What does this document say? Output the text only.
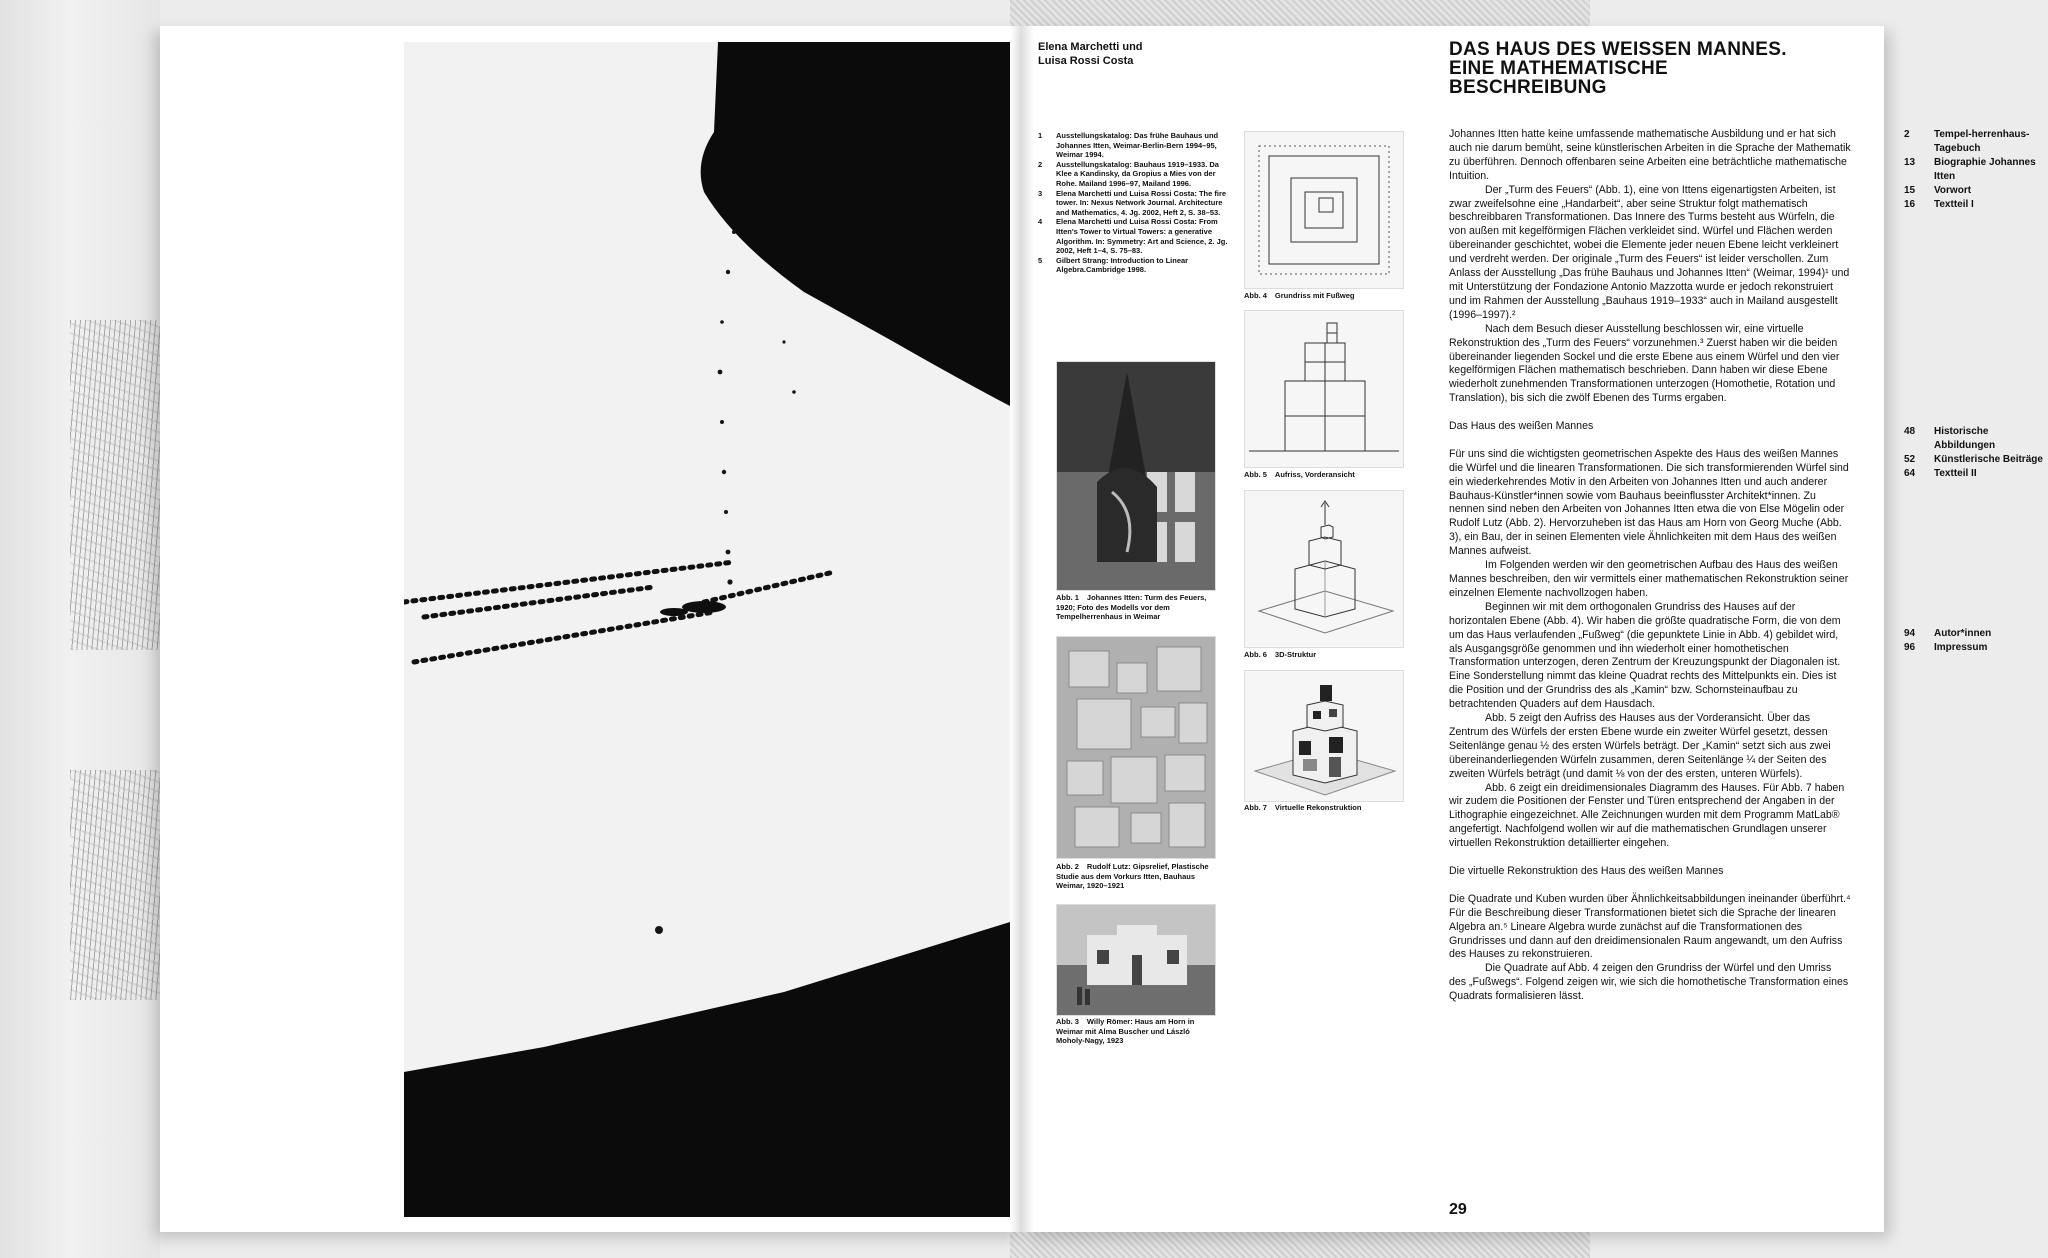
Elena Marchetti und
Luisa Rossi Costa
1	Ausstellungskatalog: Das frühe Bauhaus und Johannes Itten, Weimar-Berlin-Bern 1994–95, Weimar 1994.
2	Ausstellungskatalog: Bauhaus 1919–1933. Da Klee a Kandinsky, da Gropius a Mies von der Rohe. Mailand 1996–97, Mailand 1996.
3	Elena Marchetti und Luisa Rossi Costa: The fire tower. In: Nexus Network Journal. Architecture and Mathematics, 4. Jg. 2002, Heft 2, S. 38–53.
4	Elena Marchetti und Luisa Rossi Costa: From Itten's Tower to Virtual Towers: a generative Algorithm. In: Symmetry: Art and Science, 2. Jg. 2002, Heft 1–4, S. 75–83.
5	Gilbert Strang: Introduction to Linear Algebra.Cambridge 1998.
Abb. 1 Johannes Itten: Turm des Feuers, 1920; Foto des Modells vor dem Tempelherrenhaus in Weimar
Abb. 2 Rudolf Lutz: Gipsrelief, Plastische Studie aus dem Vorkurs Itten, Bauhaus Weimar, 1920–1921
Abb. 3 Willy Römer: Haus am Horn in Weimar mit Alma Buscher und László Moholy-Nagy, 1923
Abb. 4 Grundriss mit Fußweg
Abb. 5 Aufriss, Vorderansicht
Abb. 6 3D-Struktur
Abb. 7 Virtuelle Rekonstruktion
DAS HAUS DES WEISSEN MANNES.
EINE MATHEMATISCHE
BESCHREIBUNG

Johannes Itten hatte keine umfassende mathematische Ausbildung und er hat sich auch nie darum bemüht, seine künstlerischen Arbeiten in die Sprache der Mathematik zu überführen. Dennoch offenbaren seine Arbeiten eine beträchtliche mathematische Intuition.

Der „Turm des Feuers“ (Abb. 1), eine von Ittens eigenartigsten Arbeiten, ist zwar zweifelsohne eine „Handarbeit“, aber seine Struktur folgt mathematisch beschreibbaren Transformationen. Das Innere des Turms besteht aus Würfeln, die von außen mit kegelförmigen Flächen verkleidet sind. Würfel und Flächen werden übereinander geschichtet, wobei die Elemente jeder neuen Ebene leicht verkleinert und verdreht werden. Der originale „Turm des Feuers“ ist leider verschollen. Zum Anlass der Ausstellung „Das frühe Bauhaus und Johannes Itten“ (Weimar, 1994)¹ und mit Unterstützung der Fondazione Antonio Mazzotta wurde er jedoch rekonstruiert und im Rahmen der Ausstellung „Bauhaus 1919–1933“ auch in Mailand ausgestellt (1996–1997).²

Nach dem Besuch dieser Ausstellung beschlossen wir, eine virtuelle Rekonstruktion des „Turm des Feuers“ vorzunehmen.³ Zuerst haben wir die beiden übereinander liegenden Sockel und die erste Ebene aus einem Würfel und den vier kegelförmigen Flächen mathematisch beschrieben. Dann haben wir diese Ebene wiederholt zunehmenden Transformationen unterzogen (Homothetie, Rotation und Translation), bis sich die zwölf Ebenen des Turms ergaben.

Das Haus des weißen Mannes

Für uns sind die wichtigsten geometrischen Aspekte des Haus des weißen Mannes die Würfel und die linearen Transformationen. Die sich transformierenden Würfel sind ein wiederkehrendes Motiv in den Arbeiten von Johannes Itten und auch anderer Bauhaus-Künstler*innen sowie vom Bauhaus beeinflusster Architekt*innen. Zu nennen sind neben den Arbeiten von Johannes Itten etwa die von Else Mögelin oder Rudolf Lutz (Abb. 2). Hervorzuheben ist das Haus am Horn von Georg Muche (Abb. 3), ein Bau, der in seinen Elementen viele Ähnlichkeiten mit dem Haus des weißen Mannes aufweist.

Im Folgenden werden wir den geometrischen Aufbau des Haus des weißen Mannes beschreiben, den wir vermittels einer mathematischen Rekonstruktion seiner einzelnen Elemente nachvollzogen haben.

Beginnen wir mit dem orthogonalen Grundriss des Hauses auf der horizontalen Ebene (Abb. 4). Wir haben die größte quadratische Form, die von dem um das Haus verlaufenden „Fußweg“ (die gepunktete Linie in Abb. 4) gebildet wird, als Ausgangsgröße genommen und ihn wiederholt einer homothetischen Transformation unterzogen, deren Zentrum der Kreuzungspunkt der Diagonalen ist. Eine Sonderstellung nimmt das kleine Quadrat rechts des Mittelpunkts ein. Dies ist die Position und der Grundriss des als „Kamin“ bzw. Schornsteinaufbau zu betrachtenden Quaders auf dem Hausdach.

Abb. 5 zeigt den Aufriss des Hauses aus der Vorderansicht. Über das Zentrum des Würfels der ersten Ebene wurde ein zweiter Würfel gesetzt, dessen Seitenlänge genau ½ des ersten Würfels beträgt. Der „Kamin“ setzt sich aus zwei übereinanderliegenden Würfeln zusammen, deren Seitenlänge ¼ der Seiten des zweiten Würfels beträgt (und damit ⅛ von der des ersten, unteren Würfels).

Abb. 6 zeigt ein dreidimensionales Diagramm des Hauses. Für Abb. 7 haben wir zudem die Positionen der Fenster und Türen entsprechend der Angaben in der Lithographie eingezeichnet. Alle Zeichnungen wurden mit dem Programm MatLab® angefertigt. Nachfolgend wollen wir auf die mathematischen Grundlagen unserer virtuellen Rekonstruktion detaillierter eingehen.

Die virtuelle Rekonstruktion des Haus des weißen Mannes

Die Quadrate und Kuben wurden über Ähnlichkeitsabbildungen ineinander überführt.⁴ Für die Beschreibung dieser Transformationen bietet sich die Sprache der linearen Algebra an.⁵ Lineare Algebra wurde zunächst auf die Transformationen des Grundrisses und dann auf den dreidimensionalen Raum angewandt, um den Aufriss des Hauses zu rekonstruieren.

Die Quadrate auf Abb. 4 zeigen den Grundriss der Würfel und den Umriss des „Fußwegs“. Folgend zeigen wir, wie sich die homothetische Transformation eines Quadrats formalisieren lässt.

2	Tempel-herrenhaus-Tagebuch
13	Biographie Johannes Itten
15	Vorwort
16	Textteil I
48	Historische Abbildungen
52	Künstlerische Beiträge
64	Textteil II
94	Autor*innen
96	Impressum
29
